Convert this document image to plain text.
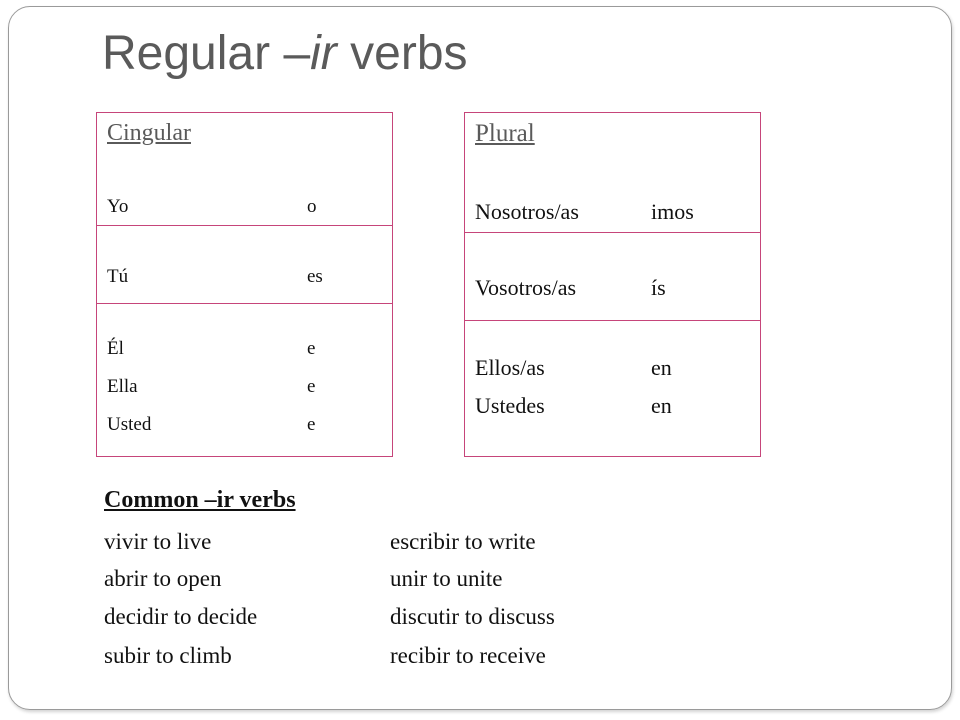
Regular –ir verbs
Cingular
Yo	o
Tú	es
Él	e
Ella	e
Usted	e
Plural
Nosotros/as	imos
Vosotros/as	ís
Ellos/as	en
Ustedes	en
Common –ir verbs
vivir to live	escribir to write
abrir to open	unir to unite
decidir to decide	discutir to discuss
subir to climb	recibir to receive
